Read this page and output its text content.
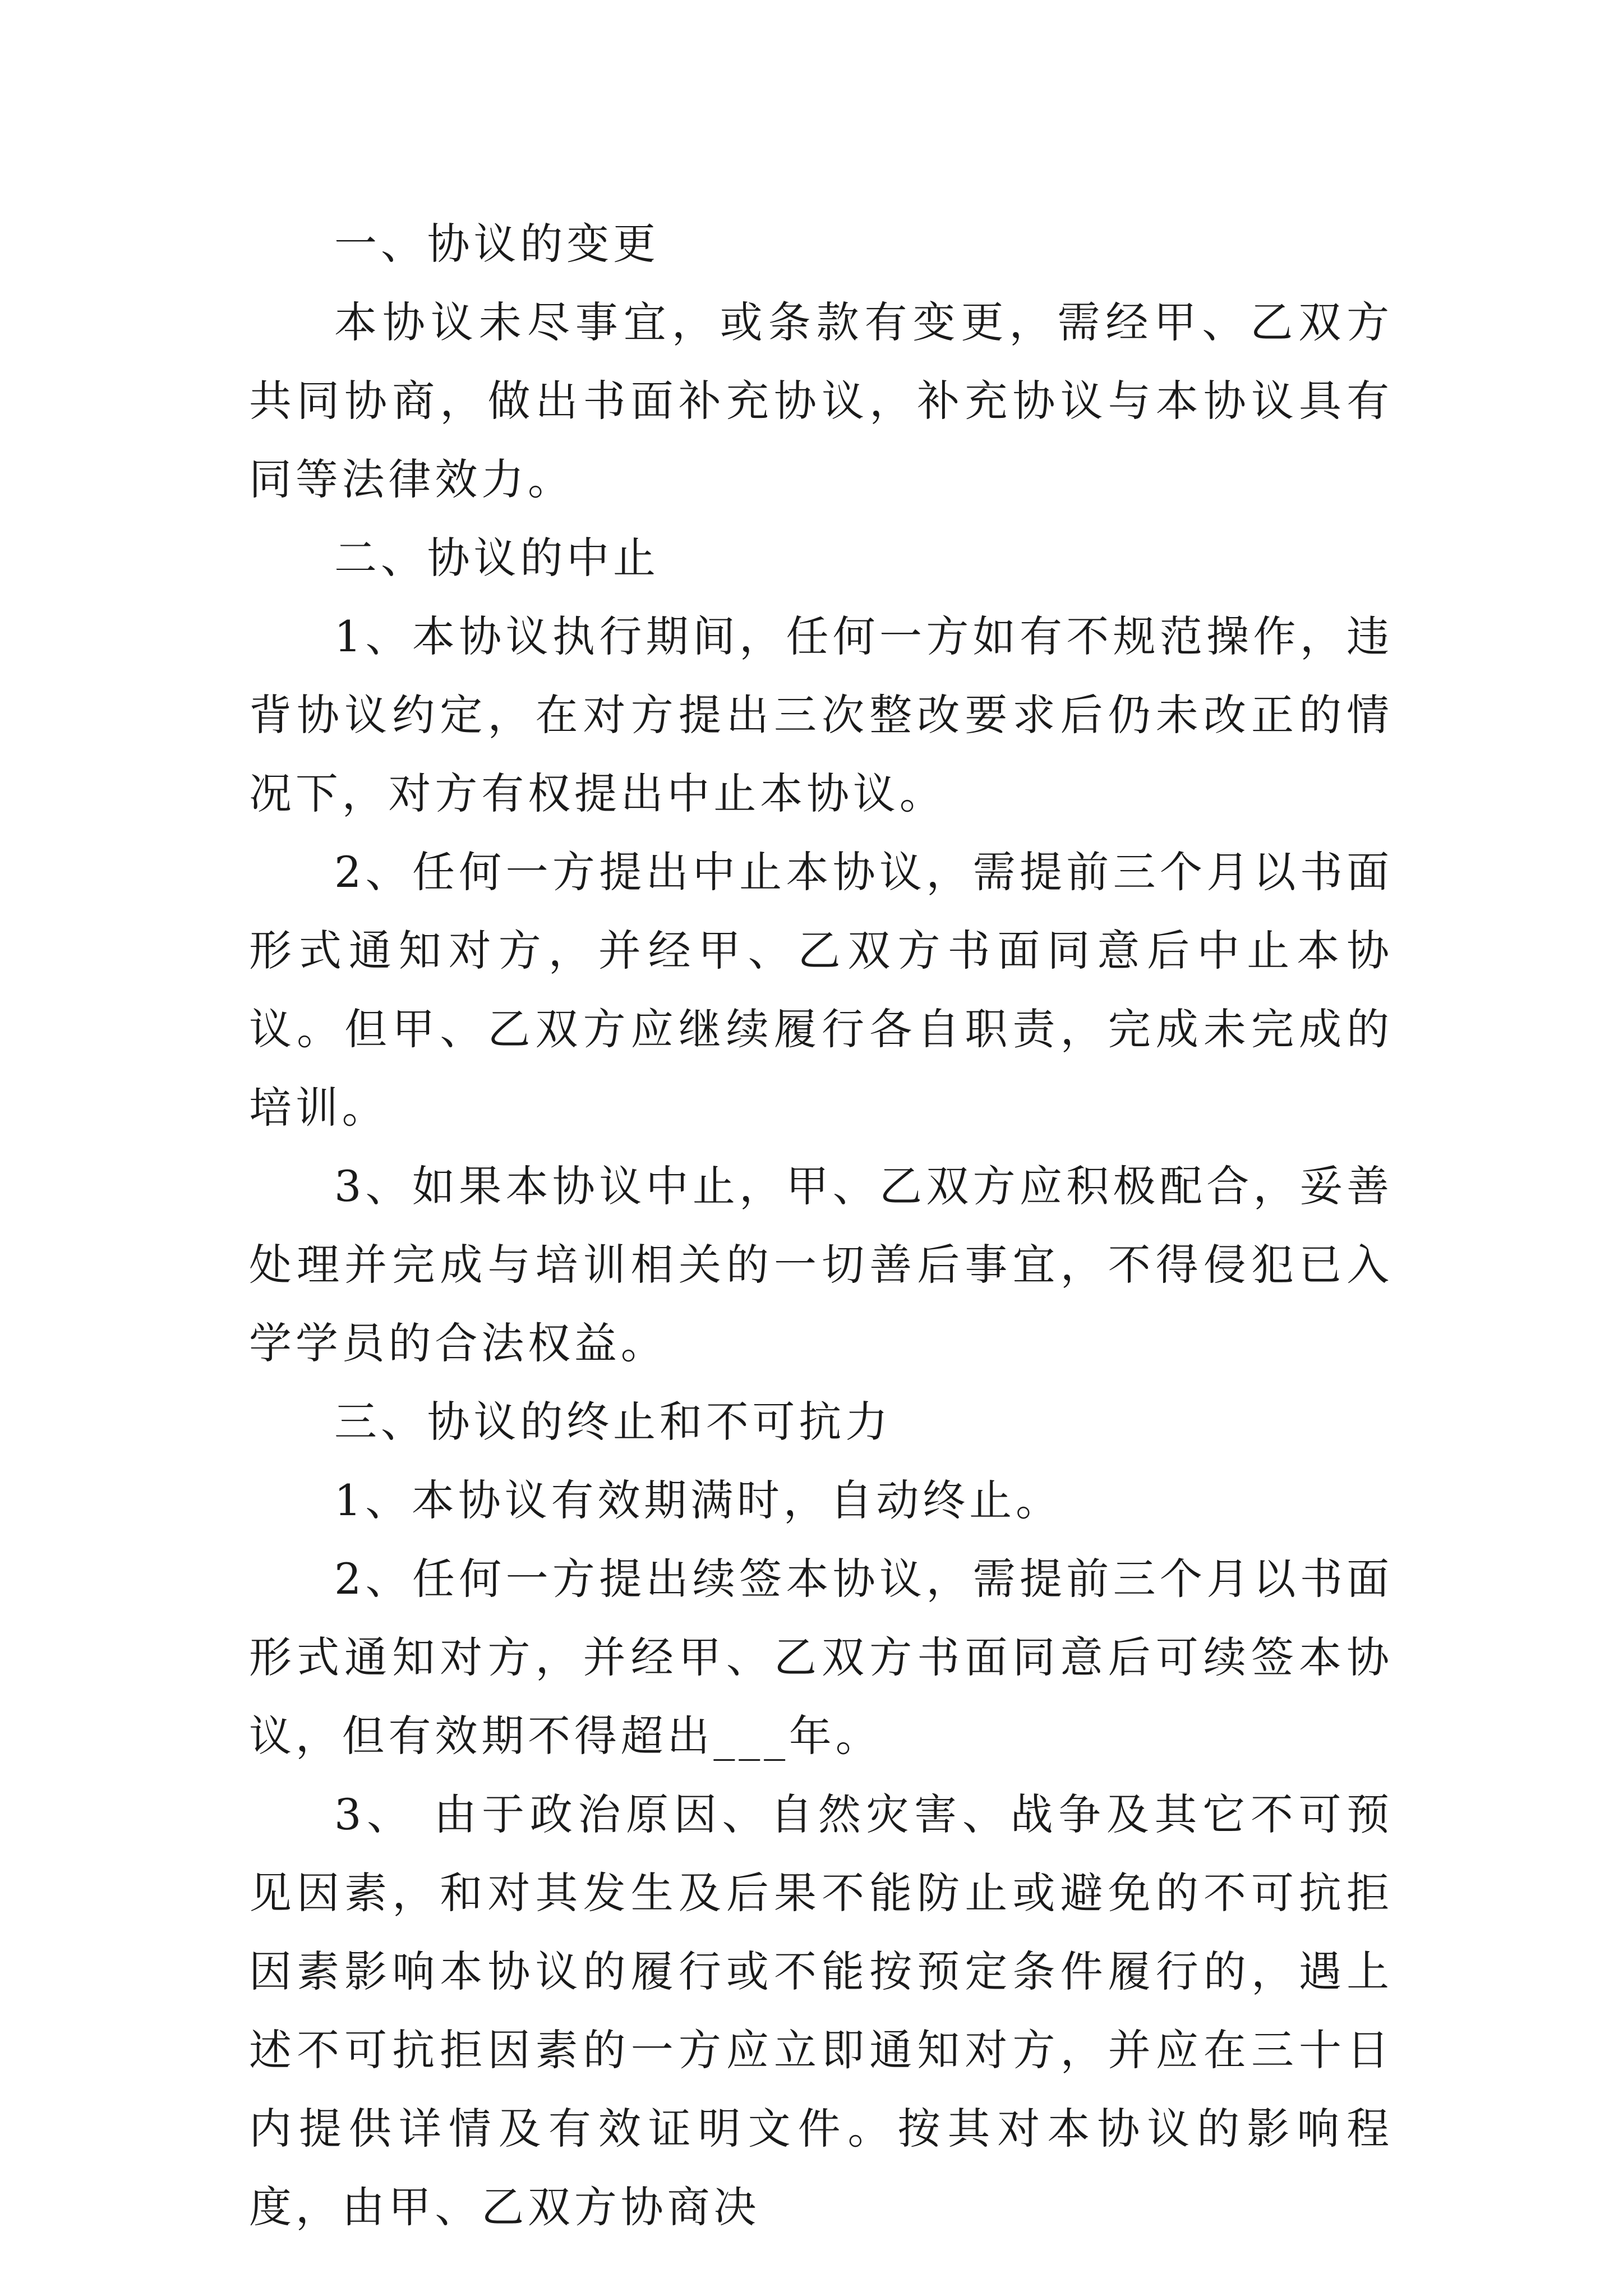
一、协议的变更

本协议未尽事宜，或条款有变更，需经甲、乙双方共同协商，做出书面补充协议，补充协议与本协议具有同等法律效力。

二、协议的中止

1、本协议执行期间，任何一方如有不规范操作，违背协议约定，在对方提出三次整改要求后仍未改正的情况下，对方有权提出中止本协议。

2、任何一方提出中止本协议，需提前三个月以书面形式通知对方，并经甲、乙双方书面同意后中止本协议。但甲、乙双方应继续履行各自职责，完成未完成的培训。

3、如果本协议中止，甲、乙双方应积极配合，妥善处理并完成与培训相关的一切善后事宜，不得侵犯已入学学员的合法权益。

三、协议的终止和不可抗力

1、本协议有效期满时，自动终止。

2、任何一方提出续签本协议，需提前三个月以书面形式通知对方，并经甲、乙双方书面同意后可续签本协议，但有效期不得超出___年。

3、 由于政治原因、自然灾害、战争及其它不可预见因素，和对其发生及后果不能防止或避免的不可抗拒因素影响本协议的履行或不能按预定条件履行的，遇上述不可抗拒因素的一方应立即通知对方，并应在三十日内提供详情及有效证明文件。按其对本协议的影响程度，由甲、乙双方协商决
